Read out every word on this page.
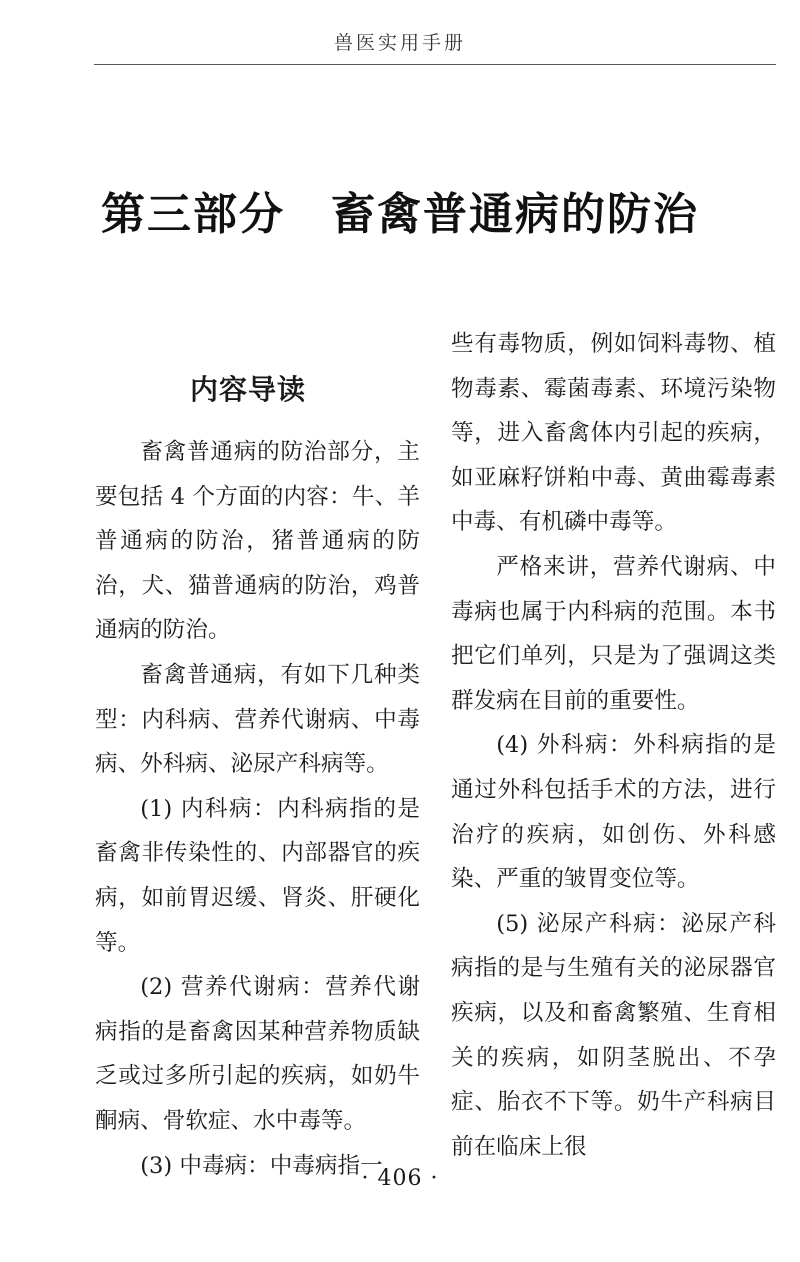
兽医实用手册
第三部分 畜禽普通病的防治
内容导读

畜禽普通病的防治部分，主要包括 4 个方面的内容：牛、羊普通病的防治，猪普通病的防治，犬、猫普通病的防治，鸡普通病的防治。

畜禽普通病，有如下几种类型：内科病、营养代谢病、中毒病、外科病、泌尿产科病等。

(1) 内科病：内科病指的是畜禽非传染性的、内部器官的疾病，如前胃迟缓、肾炎、肝硬化等。

(2) 营养代谢病：营养代谢病指的是畜禽因某种营养物质缺乏或过多所引起的疾病，如奶牛酮病、骨软症、水中毒等。

(3) 中毒病：中毒病指一

些有毒物质，例如饲料毒物、植物毒素、霉菌毒素、环境污染物等，进入畜禽体内引起的疾病，如亚麻籽饼粕中毒、黄曲霉毒素中毒、有机磷中毒等。

严格来讲，营养代谢病、中毒病也属于内科病的范围。本书把它们单列，只是为了强调这类群发病在目前的重要性。

(4) 外科病：外科病指的是通过外科包括手术的方法，进行治疗的疾病，如创伤、外科感染、严重的皱胃变位等。

(5) 泌尿产科病：泌尿产科病指的是与生殖有关的泌尿器官疾病，以及和畜禽繁殖、生育相关的疾病，如阴茎脱出、不孕症、胎衣不下等。奶牛产科病目前在临床上很

· 406 ·
